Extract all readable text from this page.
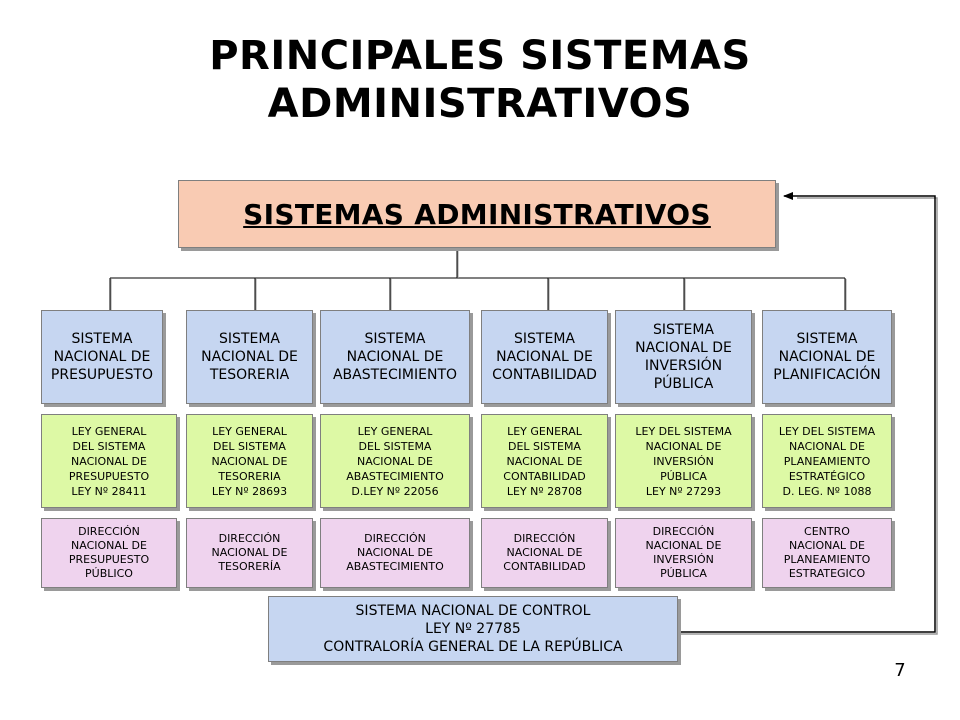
PRINCIPALES SISTEMAS
ADMINISTRATIVOS
SISTEMAS ADMINISTRATIVOS
SISTEMA
NACIONAL DE
PRESUPUESTO
LEY GENERAL
DEL SISTEMA
NACIONAL DE
PRESUPUESTO
LEY Nº 28411
DIRECCIÓN
NACIONAL DE
PRESUPUESTO
PÚBLICO
SISTEMA
NACIONAL DE
TESORERIA
LEY GENERAL
DEL SISTEMA
NACIONAL DE
TESORERIA
LEY Nº 28693
DIRECCIÓN
NACIONAL DE
TESORERÍA
SISTEMA
NACIONAL DE
ABASTECIMIENTO
LEY GENERAL
DEL SISTEMA
NACIONAL DE
ABASTECIMIENTO
D.LEY Nº 22056
DIRECCIÓN
NACIONAL DE
ABASTECIMIENTO
SISTEMA
NACIONAL DE
CONTABILIDAD
LEY GENERAL
DEL SISTEMA
NACIONAL DE
CONTABILIDAD
LEY Nº 28708
DIRECCIÓN
NACIONAL DE
CONTABILIDAD
SISTEMA
NACIONAL DE
INVERSIÓN
PÚBLICA
LEY DEL SISTEMA
NACIONAL DE
INVERSIÓN
PÚBLICA
LEY Nº 27293
DIRECCIÓN
NACIONAL DE
INVERSIÓN
PÚBLICA
SISTEMA
NACIONAL DE
PLANIFICACIÓN
LEY DEL SISTEMA
NACIONAL DE
PLANEAMIENTO
ESTRATÉGICO
D. LEG. Nº 1088
CENTRO
NACIONAL DE
PLANEAMIENTO
ESTRATEGICO
SISTEMA NACIONAL DE CONTROL
LEY Nº 27785
CONTRALORÍA GENERAL DE LA REPÚBLICA
7
